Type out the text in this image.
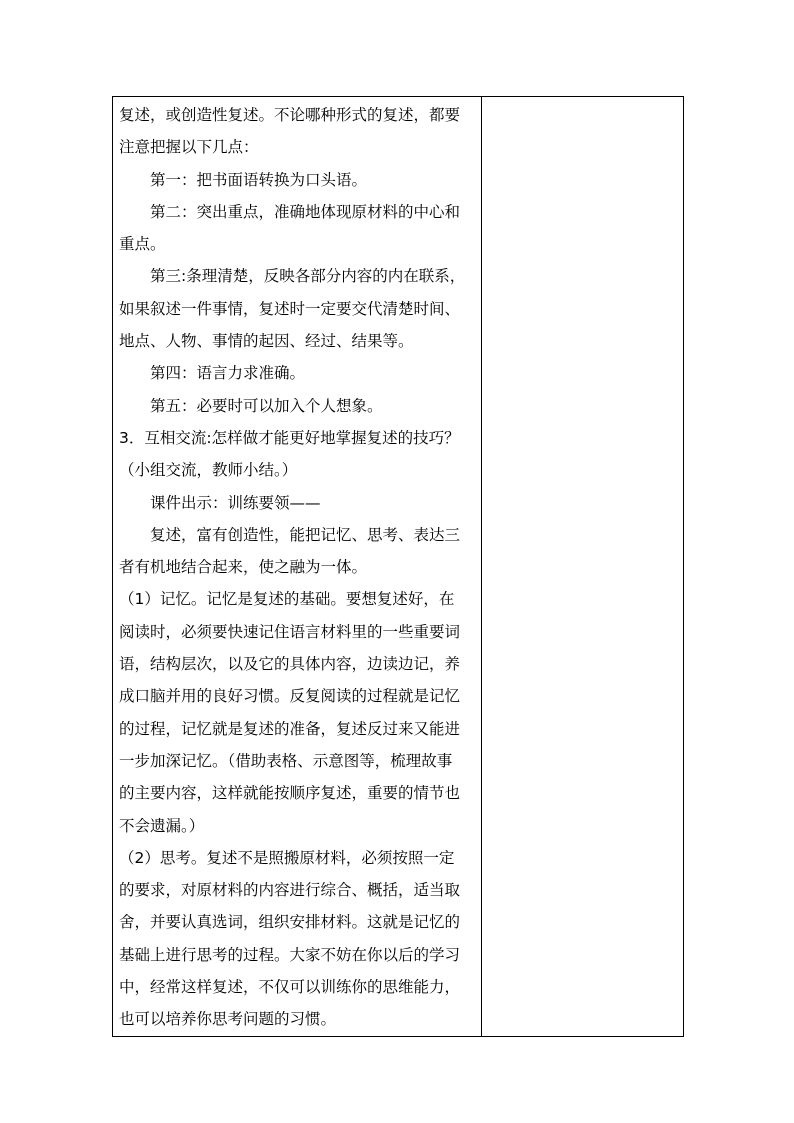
复述，或创造性复述。不论哪种形式的复述，都要
注意把握以下几点：
第一：把书面语转换为口头语。
第二：突出重点，准确地体现原材料的中心和
重点。
第三:条理清楚，反映各部分内容的内在联系，
如果叙述一件事情，复述时一定要交代清楚时间、
地点、人物、事情的起因、经过、结果等。
第四：语言力求准确。
第五：必要时可以加入个人想象。
3．互相交流:怎样做才能更好地掌握复述的技巧？
（小组交流，教师小结。）
课件出示：训练要领——
复述，富有创造性，能把记忆、思考、表达三
者有机地结合起来，使之融为一体。
（1）记忆。记忆是复述的基础。要想复述好，在
阅读时，必须要快速记住语言材料里的一些重要词
语，结构层次，以及它的具体内容，边读边记，养
成口脑并用的良好习惯。反复阅读的过程就是记忆
的过程，记忆就是复述的准备，复述反过来又能进
一步加深记忆。（借助表格、示意图等，梳理故事
的主要内容，这样就能按顺序复述，重要的情节也
不会遗漏。）
（2）思考。复述不是照搬原材料，必须按照一定
的要求，对原材料的内容进行综合、概括，适当取
舍，并要认真选词，组织安排材料。这就是记忆的
基础上进行思考的过程。大家不妨在你以后的学习
中，经常这样复述，不仅可以训练你的思维能力，
也可以培养你思考问题的习惯。
